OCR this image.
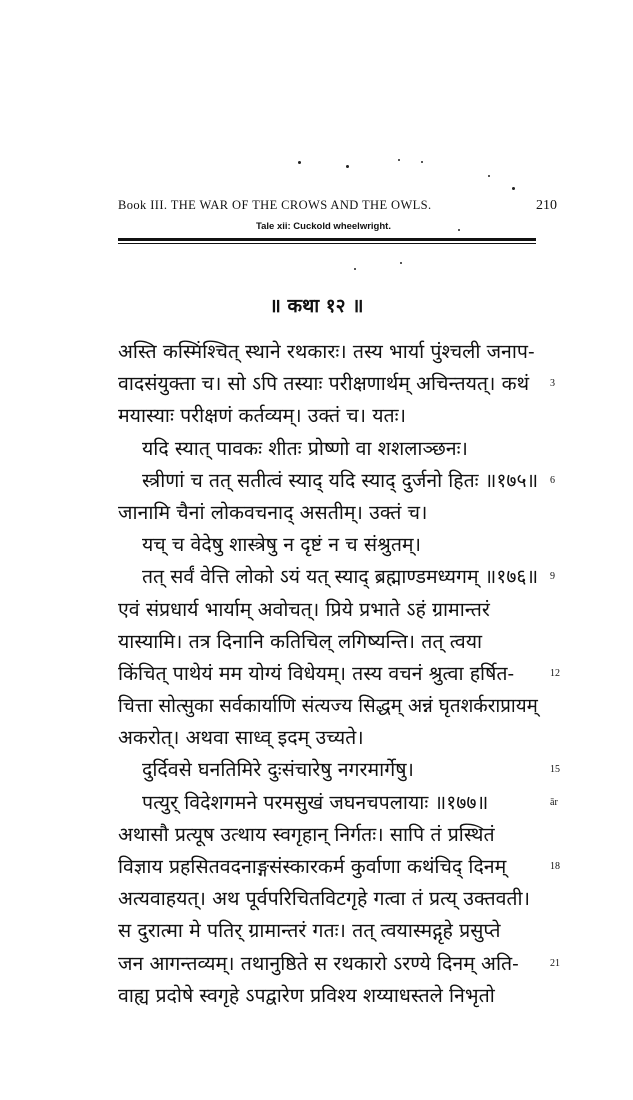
Book III. THE WAR OF THE CROWS AND THE OWLS.	210
Tale xii: Cuckold wheelwright.
॥ कथा १२ ॥
अस्ति कस्मिंश्चित् स्थाने रथकारः। तस्य भार्या पुंश्चली जनाप-
वादसंयुक्ता च। सो ऽपि तस्याः परीक्षणार्थम् अचिन्तयत्। कथं 3
मयास्याः परीक्षणं कर्तव्यम्। उक्तं च। यतः।
यदि स्यात् पावकः शीतः प्रोष्णो वा शशलाञ्छनः।
स्त्रीणां च तत् सतीत्वं स्याद् यदि स्याद् दुर्जनो हितः ॥१७५॥ 6
जानामि चैनां लोकवचनाद् असतीम्। उक्तं च।
यच् च वेदेषु शास्त्रेषु न दृष्टं न च संश्रुतम्।
तत् सर्वं वेत्ति लोको ऽयं यत् स्याद् ब्रह्माण्डमध्यगम् ॥१७६॥ 9
एवं संप्रधार्य भार्याम् अवोचत्। प्रिये प्रभाते ऽहं ग्रामान्तरं
यास्यामि। तत्र दिनानि कतिचिल् लगिष्यन्ति। तत् त्वया
किंचित् पाथेयं मम योग्यं विधेयम्। तस्य वचनं श्रुत्वा हर्षित-	12
चित्ता सोत्सुका सर्वकार्याणि संत्यज्य सिद्धम् अन्नं घृतशर्कराप्रायम्
अकरोत्। अथवा साध्व् इदम् उच्यते।
दुर्दिवसे घनतिमिरे दुःसंचारेषु नगरमार्गेषु।	15
पत्युर् विदेशगमने परमसुखं जघनचपलायाः ॥१७७॥	ār
अथासौ प्रत्यूष उत्थाय स्वगृहान् निर्गतः। सापि तं प्रस्थितं
विज्ञाय प्रहसितवदनाङ्गसंस्कारकर्म कुर्वाणा कथंचिद् दिनम्	18
अत्यवाहयत्। अथ पूर्वपरिचितविटगृहे गत्वा तं प्रत्य् उक्तवती।
स दुरात्मा मे पतिर् ग्रामान्तरं गतः। तत् त्वयास्मद्गृहे प्रसुप्ते
जन आगन्तव्यम्। तथानुष्ठिते स रथकारो ऽरण्ये दिनम् अति-	21
वाह्य प्रदोषे स्वगृहे ऽपद्वारेण प्रविश्य शय्याधस्तले निभृतो
